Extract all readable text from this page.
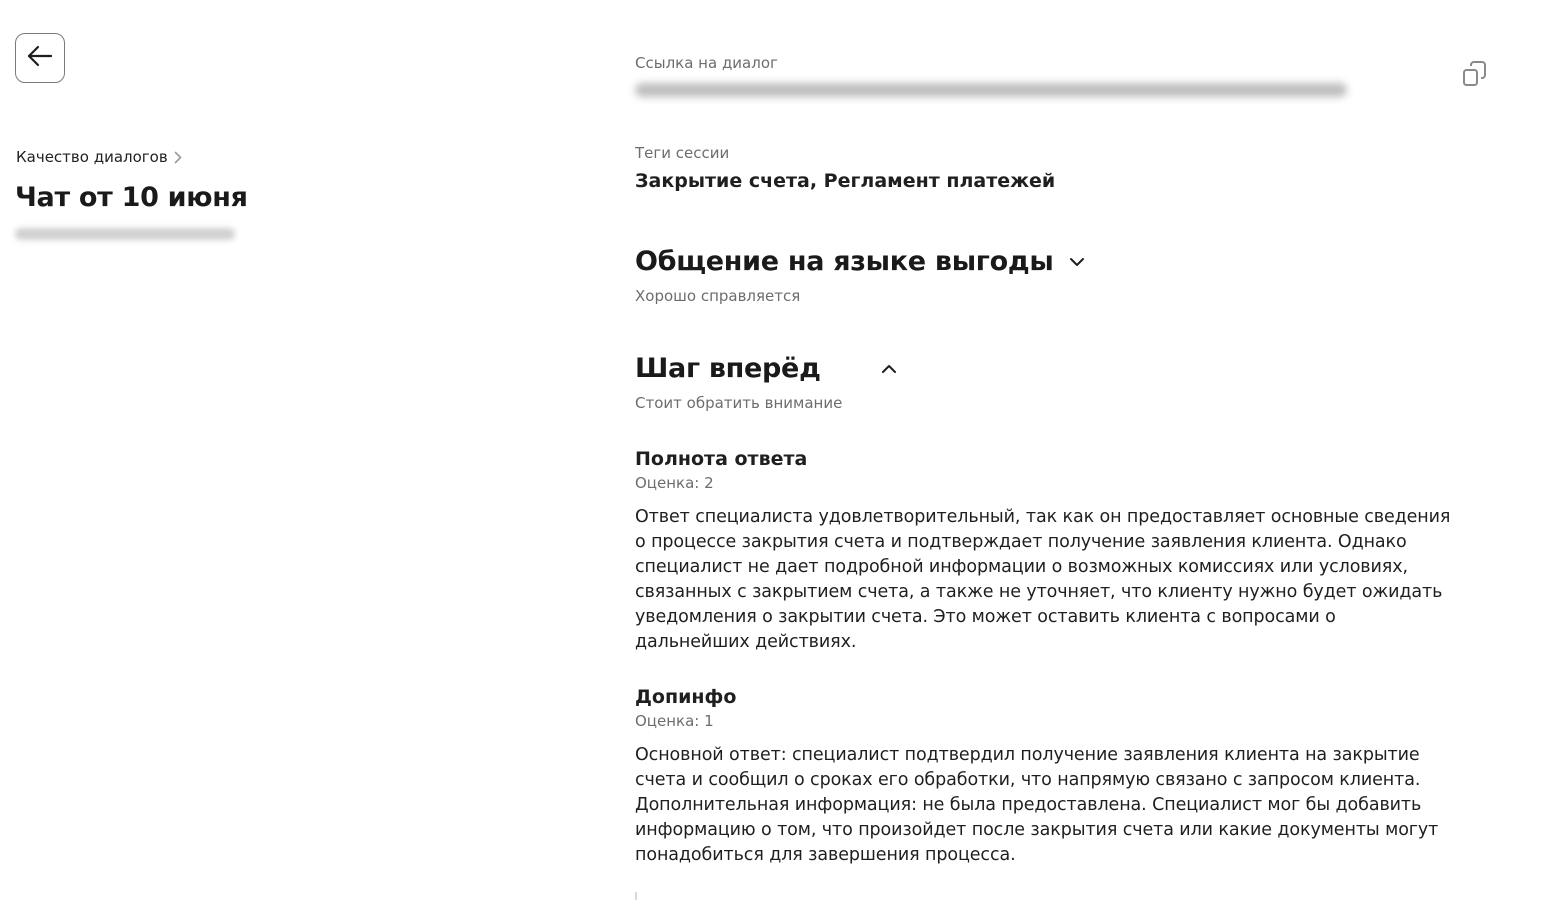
Качество диалогов
Чат от 10 июня
Ссылка на диалог
Теги сессии
Закрытие счета, Регламент платежей
Общение на языке выгоды
Хорошо справляется
Шаг вперёд
Стоит обратить внимание
Полнота ответа
Оценка: 2
Ответ специалиста удовлетворительный, так как он предоставляет основные сведения о процессе закрытия счета и подтверждает получение заявления клиента. Однако специалист не дает подробной информации о возможных комиссиях или условиях, связанных с закрытием счета, а также не уточняет, что клиенту нужно будет ожидать уведомления о закрытии счета. Это может оставить клиента с вопросами о дальнейших действиях.
Допинфо
Оценка: 1
Основной ответ: специалист подтвердил получение заявления клиента на закрытие счета и сообщил о сроках его обработки, что напрямую связано с запросом клиента. Дополнительная информация: не была предоставлена. Специалист мог бы добавить информацию о том, что произойдет после закрытия счета или какие документы могут понадобиться для завершения процесса.
